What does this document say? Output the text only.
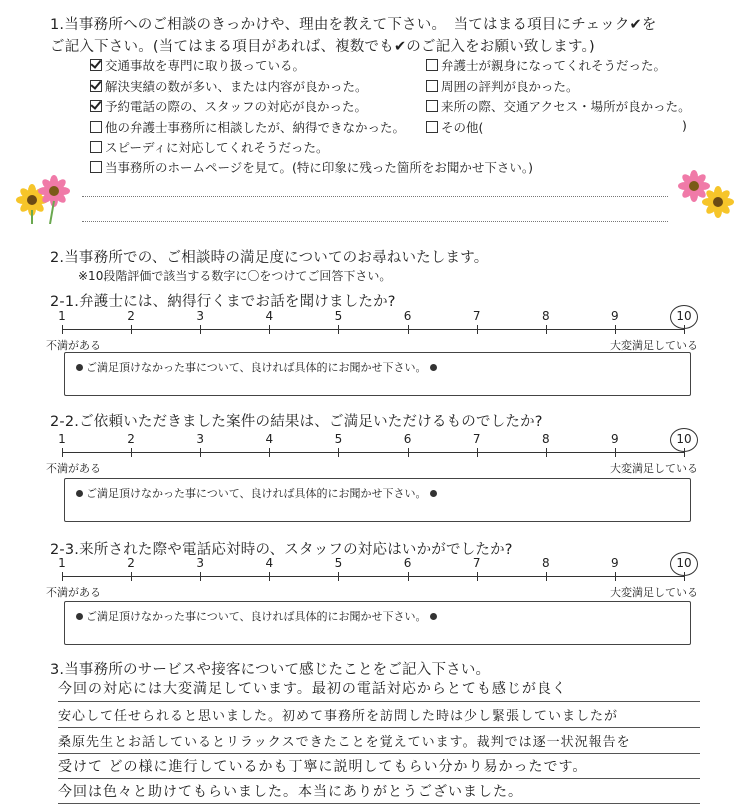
1.当事務所へのご相談のきっかけや、理由を教えて下さい。　当てはまる項目にチェック✔を
ご記入下さい。(当てはまる項目があれば、複数でも✔のご記入をお願い致します。)
交通事故を専門に取り扱っている。
解決実績の数が多い、または内容が良かった。
予約電話の際の、スタッフの対応が良かった。
他の弁護士事務所に相談したが、納得できなかった。
スピーディに対応してくれそうだった。
当事務所のホームページを見て。(特に印象に残った箇所をお聞かせ下さい。)
弁護士が親身になってくれそうだった。
周囲の評判が良かった。
来所の際、交通アクセス・場所が良かった。
その他(	)
2.当事務所での、ご相談時の満足度についてのお尋ねいたします。
※10段階評価で該当する数字に〇をつけてご回答下さい。
2-1.弁護士には、納得行くまでお話を聞けましたか?
1	2	3	4	5	6	7	8	9	10
不満がある	大変満足している
ご満足頂けなかった事について、良ければ具体的にお聞かせ下さい。
2-2.ご依頼いただきました案件の結果は、ご満足いただけるものでしたか?
1	2	3	4	5	6	7	8	9	10
不満がある	大変満足している
ご満足頂けなかった事について、良ければ具体的にお聞かせ下さい。
2-3.来所された際や電話応対時の、スタッフの対応はいかがでしたか?
1	2	3	4	5	6	7	8	9	10
不満がある	大変満足している
ご満足頂けなかった事について、良ければ具体的にお聞かせ下さい。
3.当事務所のサービスや接客について感じたことをご記入下さい。
今回の対応には大変満足しています。最初の電話対応からとても感じが良く
安心して任せられると思いました。初めて事務所を訪問した時は少し緊張していましたが
桑原先生とお話しているとリラックスできたことを覚えています。裁判では逐一状況報告を
受けて どの様に進行しているかも丁寧に説明してもらい分かり易かったです。
今回は色々と助けてもらいました。本当にありがとうございました。
